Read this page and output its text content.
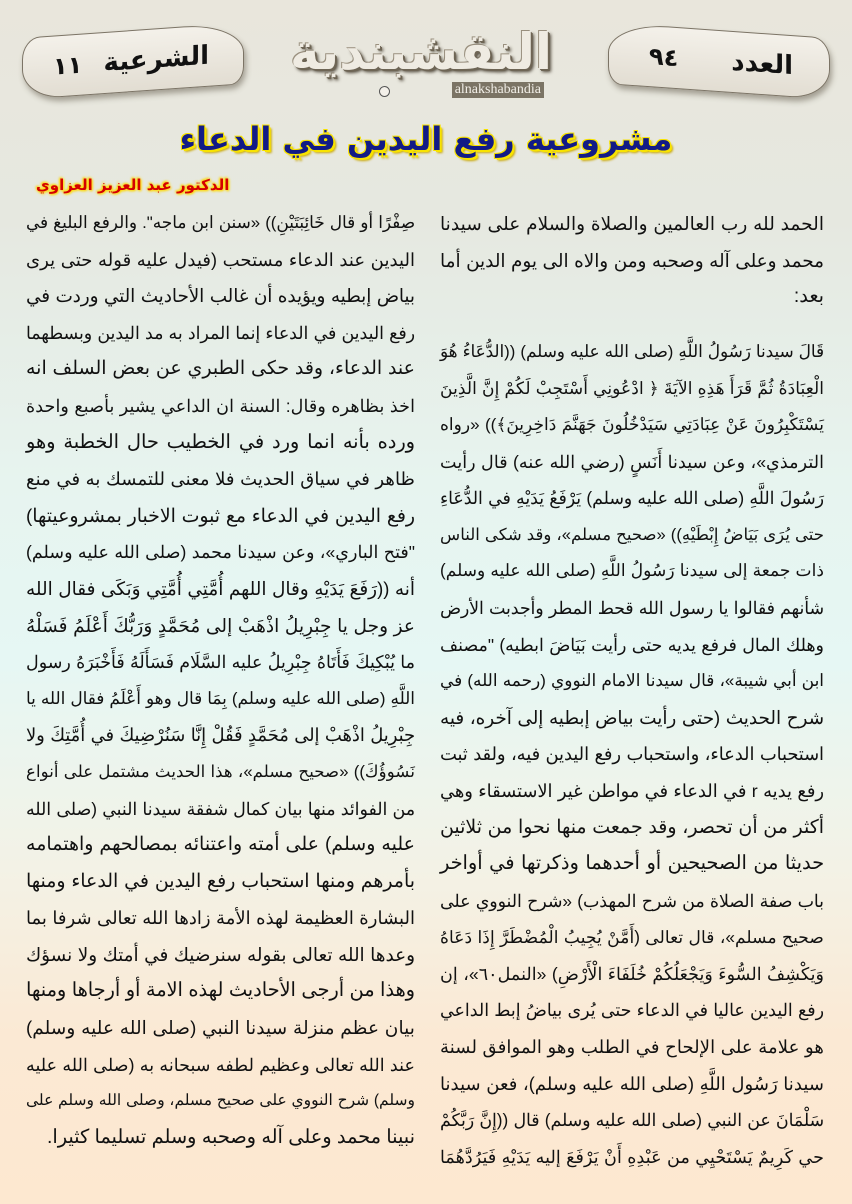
الشرعية
١١	النقشبندية
alnakshabandia
العدد
٩٤
مشروعية رفع اليدين في الدعاء
الدكتور عبد العزيز العزاوي
الحمد لله رب العالمين والصلاة والسلام على سيدنا
محمد وعلى آله وصحبه ومن والاه الى يوم الدين أما
بعد:
قَالَ سيدنا رَسُولُ اللَّهِ (صلى الله عليه وسلم) ((الدُّعَاءُ هُوَ
الْعِبَادَةُ ثُمَّ قَرَأَ هَذِهِ الآيَةَ ﴿ ادْعُونِي أَسْتَجِبْ لَكُمْ إِنَّ الَّذِينَ
يَسْتَكْبِرُونَ عَنْ عِبَادَتِي سَيَدْخُلُونَ جَهَنَّمَ دَاخِرِينَ﴾)) «رواه
الترمذي»، وعن سيدنا أَنَسٍ (رضي الله عنه) قال رأيت
رَسُولَ اللَّهِ (صلى الله عليه وسلم) يَرْفَعُ يَدَيْهِ في الدُّعَاءِ
حتى يُرَى بَيَاضُ إِبْطَيْهِ)) «صحيح مسلم»، وقد شكى الناس
ذات جمعة إلى سيدنا رَسُولُ اللَّهِ (صلى الله عليه وسلم)
شأنهم فقالوا يا رسول الله قحط المطر وأجدبت الأرض
وهلك المال فرفع يديه حتى رأيت بَيَاضَ ابطيه) "مصنف
ابن أبي شيبة»، قال سيدنا الامام النووي (رحمه الله) في
شرح الحديث (حتى رأيت بياض إبطيه إلى آخره، فيه
استحباب الدعاء، واستحباب رفع اليدين فيه، ولقد ثبت
رفع يديه r في الدعاء في مواطن غير الاستسقاء وهي
أكثر من أن تحصر، وقد جمعت منها نحوا من ثلاثين
حديثا من الصحيحين أو أحدهما وذكرتها في أواخر
باب صفة الصلاة من شرح المهذب) «شرح النووي على
صحيح مسلم»، قال تعالى (أَمَّنْ يُجِيبُ الْمُضْطَرَّ إِذَا دَعَاهُ
وَيَكْشِفُ السُّوءَ وَيَجْعَلُكُمْ خُلَفَاءَ الْأَرْضِ) «النمل٦٠»، إن
رفع اليدين عاليا في الدعاء حتى يُرى بياضُ إبط الداعي
هو علامة على الإلحاح في الطلب وهو الموافق لسنة
سيدنا رَسُول اللَّهِ (صلى الله عليه وسلم)، فعن سيدنا
سَلْمَانَ عن النبي (صلى الله عليه وسلم) قال ((إِنَّ رَبَّكُمْ
حي كَرِيمٌ يَسْتَحْيِي من عَبْدِهِ أَنْ يَرْفَعَ إليه يَدَيْهِ فَيَرُدَّهُمَا
صِفْرًا أو قال خَائِبَتَيْنِ)) «سنن ابن ماجه". والرفع البليغ في
اليدين عند الدعاء مستحب (فيدل عليه قوله حتى يرى
بياض إبطيه ويؤيده أن غالب الأحاديث التي وردت في
رفع اليدين في الدعاء إنما المراد به مد اليدين وبسطهما
عند الدعاء، وقد حكى الطبري عن بعض السلف انه
اخذ بظاهره وقال: السنة ان الداعي يشير بأصبع واحدة
ورده بأنه انما ورد في الخطيب حال الخطبة وهو
ظاهر في سياق الحديث فلا معنى للتمسك به في منع
رفع اليدين في الدعاء مع ثبوت الاخبار بمشروعيتها)
"فتح الباري»، وعن سيدنا محمد (صلى الله عليه وسلم)
أنه ((رَفَعَ يَدَيْهِ وقال اللهم أُمَّتِي أُمَّتِي وَبَكَى فقال الله
عز وجل يا جِبْرِيلُ اذْهَبْ إلى مُحَمَّدٍ وَرَبُّكَ أَعْلَمُ فَسَلْهُ
ما يُبْكِيكَ فَأَتَاهُ جِبْرِيلُ عليه السَّلَام فَسَأَلَهُ فَأَخْبَرَهُ رسول
اللَّهِ (صلى الله عليه وسلم) بِمَا قال وهو أَعْلَمُ فقال الله يا
جِبْرِيلُ اذْهَبْ إلى مُحَمَّدٍ فَقُلْ إِنَّا سَنُرْضِيكَ في أُمَّتِكَ ولا
نَسُوؤُكَ)) «صحيح مسلم»، هذا الحديث مشتمل على أنواع
من الفوائد منها بيان كمال شفقة سيدنا النبي (صلى الله
عليه وسلم) على أمته واعتنائه بمصالحهم واهتمامه
بأمرهم ومنها استحباب رفع اليدين في الدعاء ومنها
البشارة العظيمة لهذه الأمة زادها الله تعالى شرفا بما
وعدها الله تعالى بقوله سنرضيك في أمتك ولا نسؤك
وهذا من أرجى الأحاديث لهذه الامة أو أرجاها ومنها
بيان عظم منزلة سيدنا النبي (صلى الله عليه وسلم)
عند الله تعالى وعظيم لطفه سبحانه به (صلى الله عليه
وسلم) شرح النووي على صحيح مسلم، وصلى الله وسلم على
نبينا محمد وعلى آله وصحبه وسلم تسليما كثيرا.
